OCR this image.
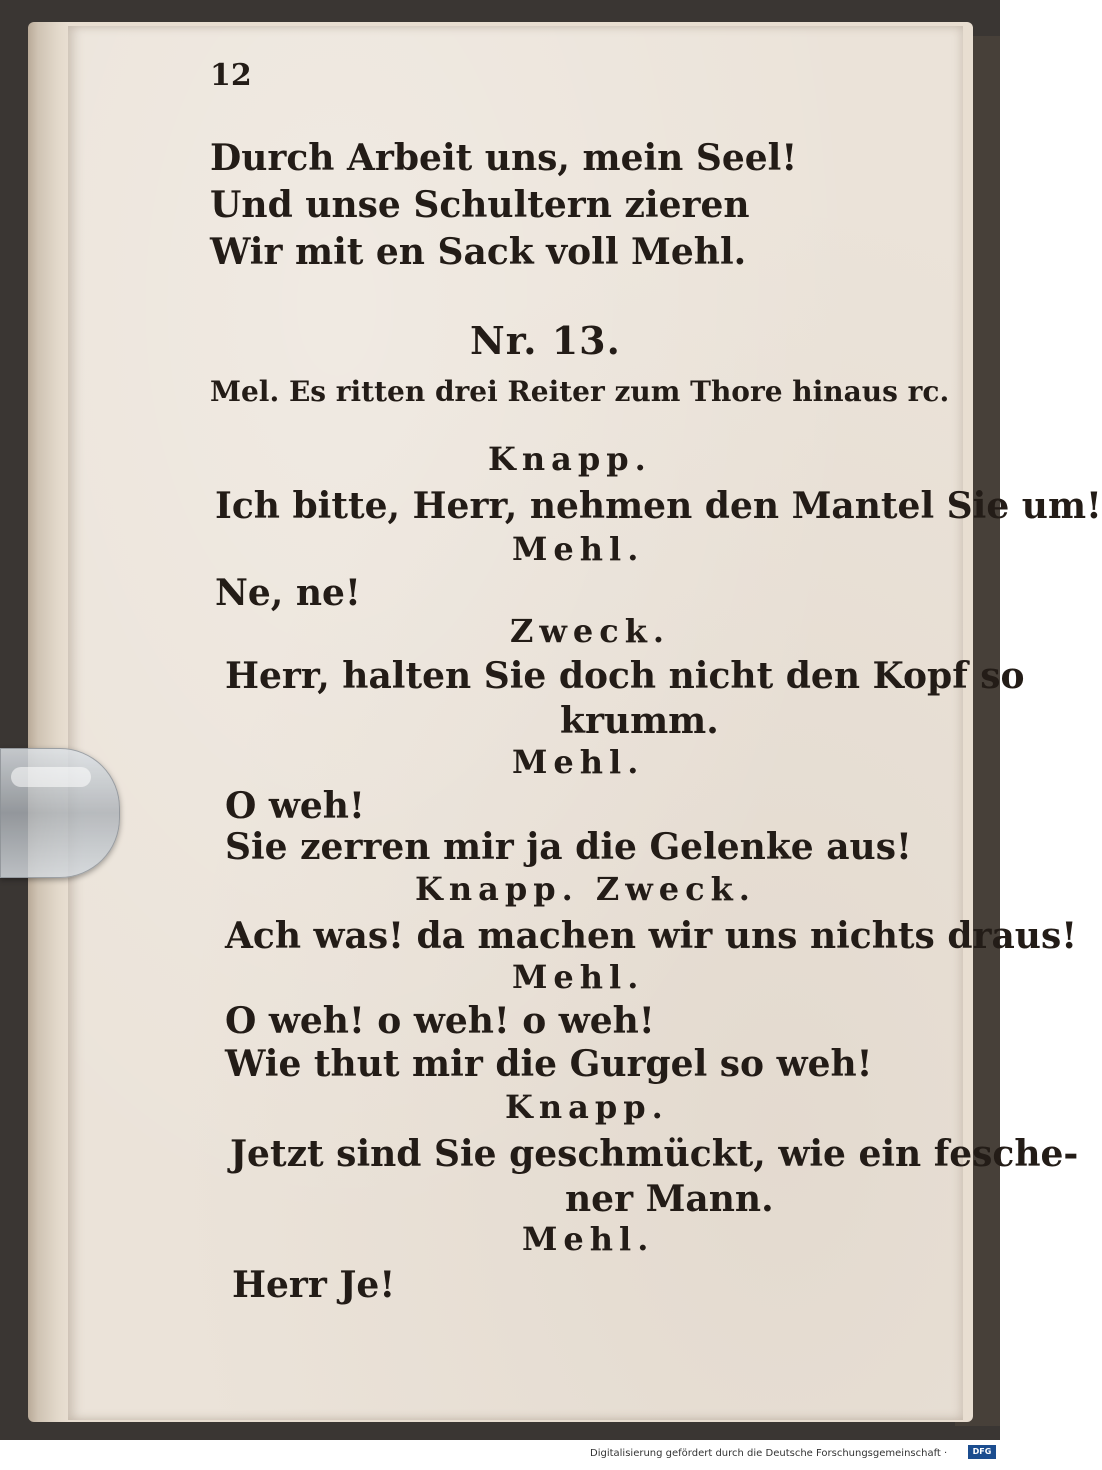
12
Durch Arbeit uns, mein Seel!
Und unse Schultern zieren
Wir mit en Sack voll Mehl.
Nr. 13.
Mel. Es ritten drei Reiter zum Thore hinaus rc.
Knapp.
Ich bitte, Herr, nehmen den Mantel Sie um!
Mehl.
Ne, ne!
Zweck.
Herr, halten Sie doch nicht den Kopf so
krumm.
Mehl.
O weh!
Sie zerren mir ja die Gelenke aus!
Knapp. Zweck.
Ach was! da machen wir uns nichts draus!
Mehl.
O weh! o weh! o weh!
Wie thut mir die Gurgel so weh!
Knapp.
Jetzt sind Sie geschmückt, wie ein fesche-
ner Mann.
Mehl.
Herr Je!
Digitalisierung gefördert durch die Deutsche Forschungsgemeinschaft ·	DFG
